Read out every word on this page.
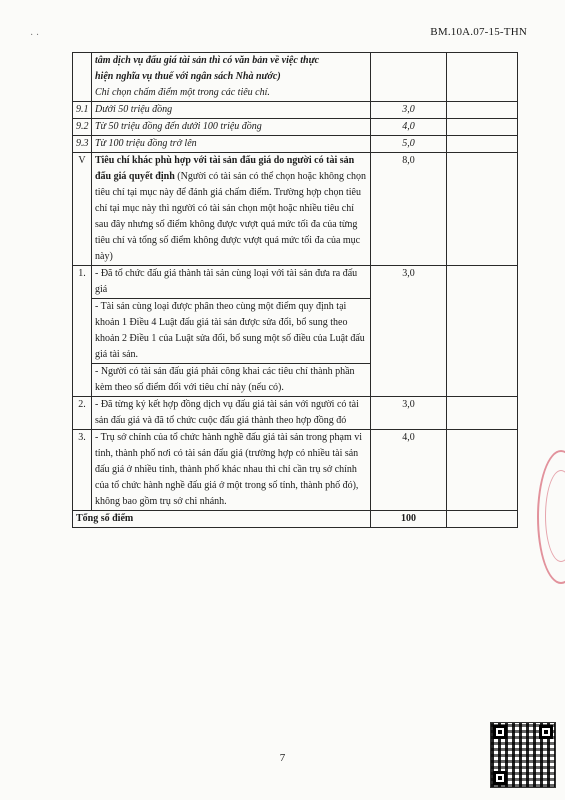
· ·	BM.10A.07-15-THN

	tâm dịch vụ đấu giá tài sản thì có văn bản về việc thực
hiện nghĩa vụ thuế với ngân sách Nhà nước)
Chỉ chọn chấm điểm một trong các tiêu chí.		

9.1	Dưới 50 triệu đồng	3,0	
9.2	Từ 50 triệu đồng đến dưới 100 triệu đồng	4,0	
9.3	Từ 100 triệu đồng trở lên	5,0	
V	Tiêu chí khác phù hợp với tài sản đấu giá do người có tài sản đấu giá quyết định (Người có tài sản có thể chọn hoặc không chọn tiêu chí tại mục này để đánh giá chấm điểm. Trường hợp chọn tiêu chí tại mục này thì người có tài sản chọn một hoặc nhiều tiêu chí sau đây nhưng số điểm không được vượt quá mức tối đa của từng tiêu chí và tổng số điểm không được vượt quá mức tối đa của mục này)	8,0	
1.	- Đã tổ chức đấu giá thành tài sản cùng loại với tài sản đưa ra đấu giá	3,0	
	- Tài sản cùng loại được phân theo cùng một điểm quy định tại khoản 1 Điều 4 Luật đấu giá tài sản được sửa đổi, bổ sung theo khoản 2 Điều 1 của Luật sửa đổi, bổ sung một số điều của Luật đấu giá tài sản.		
	- Người có tài sản đấu giá phải công khai các tiêu chí thành phần kèm theo số điểm đối với tiêu chí này (nếu có).		
2.	- Đã từng ký kết hợp đồng dịch vụ đấu giá tài sản với người có tài sản đấu giá và đã tổ chức cuộc đấu giá thành theo hợp đồng đó	3,0	
3.	- Trụ sở chính của tổ chức hành nghề đấu giá tài sản trong phạm vi tỉnh, thành phố nơi có tài sản đấu giá (trường hợp có nhiều tài sản đấu giá ở nhiều tỉnh, thành phố khác nhau thì chỉ cần trụ sở chính của tổ chức hành nghề đấu giá ở một trong số tỉnh, thành phố đó), không bao gồm trụ sở chi nhánh.	4,0	
Tổng số điểm		100	
7
